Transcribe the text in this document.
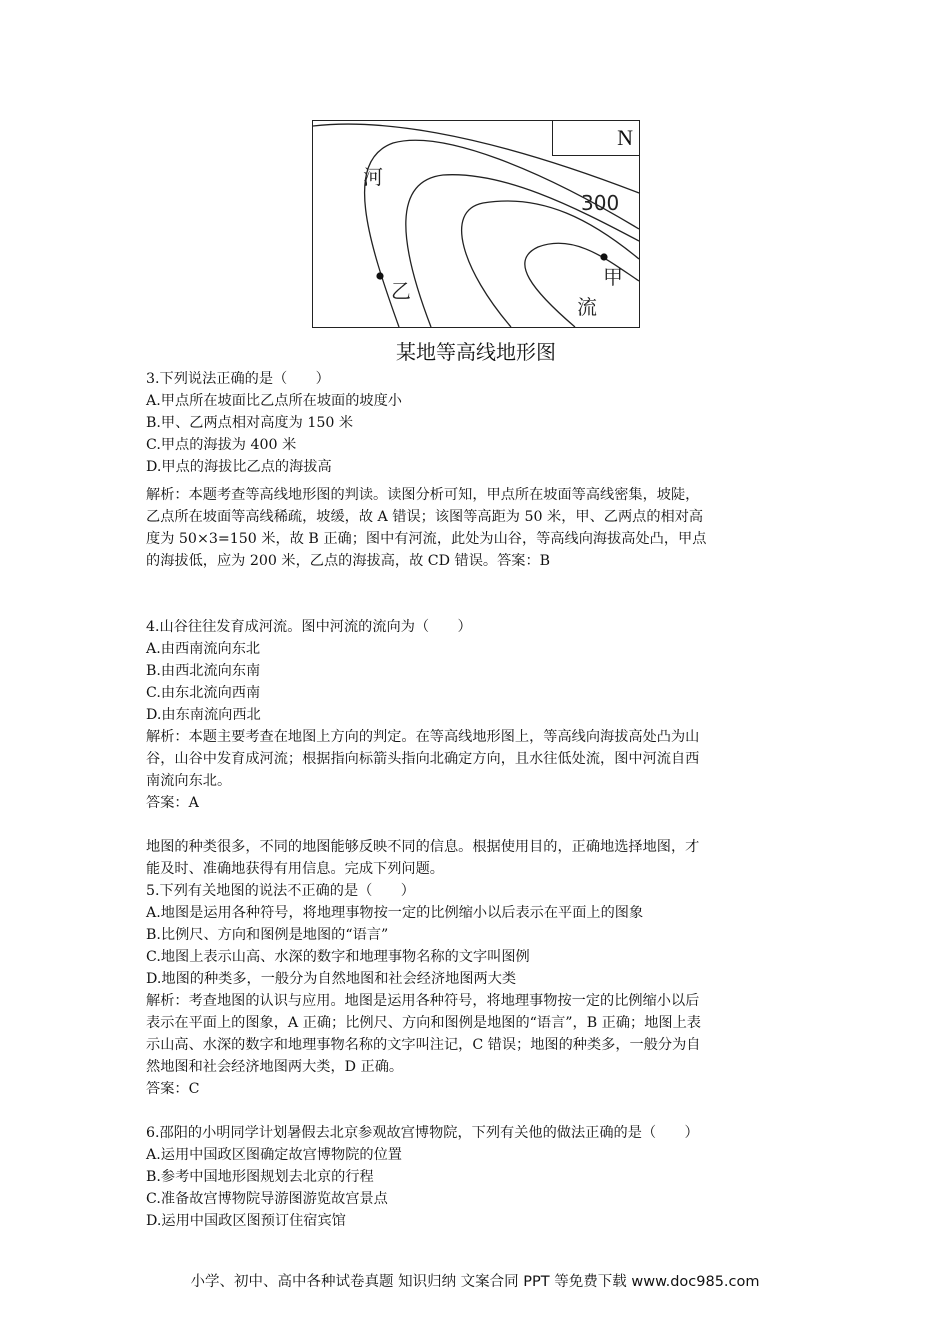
N
河
300
甲
流
乙
某地等高线地形图

3.下列说法正确的是（　　）

A.甲点所在坡面比乙点所在坡面的坡度小

B.甲、乙两点相对高度为 150 米

C.甲点的海拔为 400 米

D.甲点的海拔比乙点的海拔高

解析：本题考查等高线地形图的判读。读图分析可知，甲点所在坡面等高线密集，坡陡，

乙点所在坡面等高线稀疏，坡缓，故 A 错误；该图等高距为 50 米，甲、乙两点的相对高

度为 50×3=150 米，故 B 正确；图中有河流，此处为山谷，等高线向海拔高处凸，甲点

的海拔低，应为 200 米，乙点的海拔高，故 CD 错误。答案：B

4.山谷往往发育成河流。图中河流的流向为（　　）

A.由西南流向东北

B.由西北流向东南

C.由东北流向西南

D.由东南流向西北

解析：本题主要考查在地图上方向的判定。在等高线地形图上，等高线向海拔高处凸为山

谷，山谷中发育成河流；根据指向标箭头指向北确定方向，且水往低处流，图中河流自西

南流向东北。

答案：A

地图的种类很多，不同的地图能够反映不同的信息。根据使用目的，正确地选择地图，才

能及时、准确地获得有用信息。完成下列问题。

5.下列有关地图的说法不正确的是（　　）

A.地图是运用各种符号，将地理事物按一定的比例缩小以后表示在平面上的图象

B.比例尺、方向和图例是地图的“语言”

C.地图上表示山高、水深的数字和地理事物名称的文字叫图例

D.地图的种类多，一般分为自然地图和社会经济地图两大类

解析：考查地图的认识与应用。地图是运用各种符号，将地理事物按一定的比例缩小以后

表示在平面上的图象，A 正确；比例尺、方向和图例是地图的“语言”，B 正确；地图上表

示山高、水深的数字和地理事物名称的文字叫注记，C 错误；地图的种类多，一般分为自

然地图和社会经济地图两大类，D 正确。

答案：C

6.邵阳的小明同学计划暑假去北京参观故宫博物院，下列有关他的做法正确的是（　　）

A.运用中国政区图确定故宫博物院的位置

B.参考中国地形图规划去北京的行程

C.准备故宫博物院导游图游览故宫景点

D.运用中国政区图预订住宿宾馆

小学、初中、高中各种试卷真题 知识归纳 文案合同 PPT 等免费下载 www.doc985.com
